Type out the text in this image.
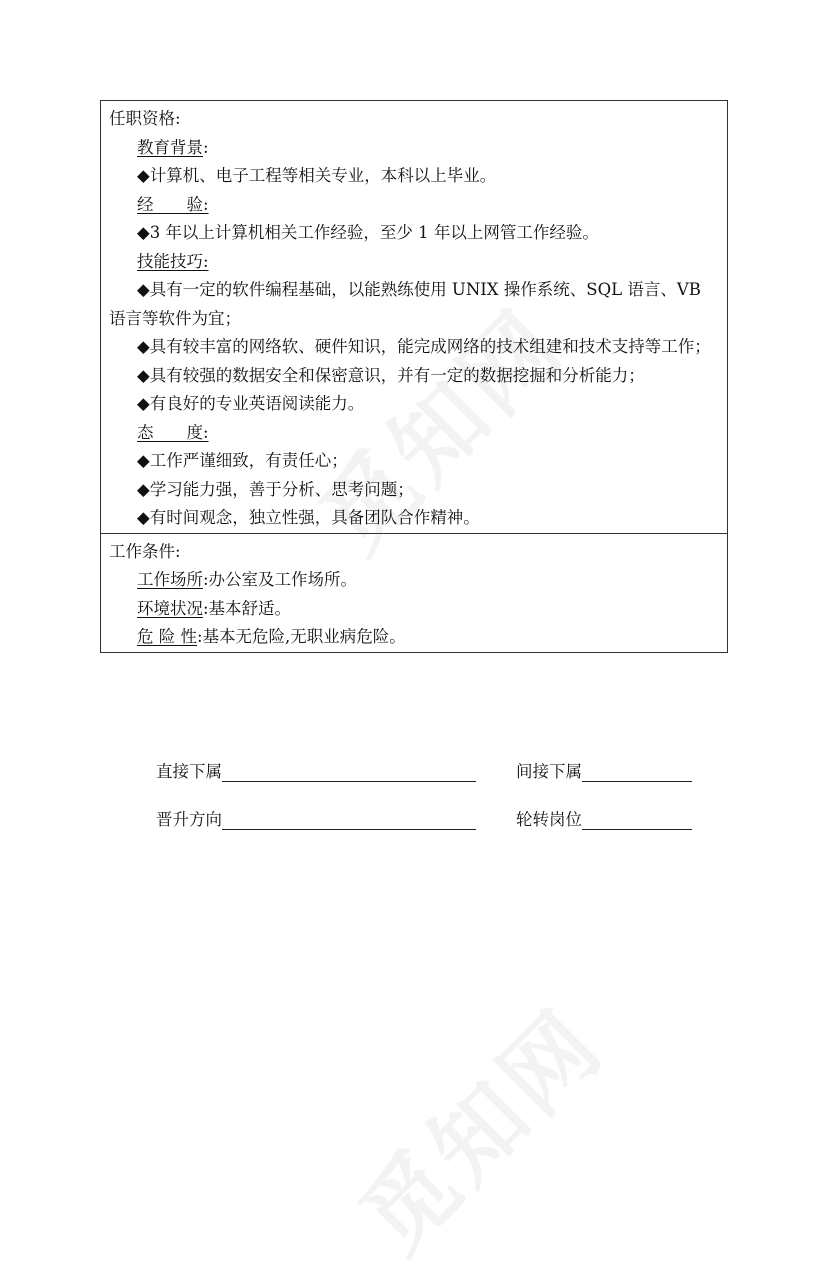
任职资格:
教育背景:
◆计算机、电子工程等相关专业，本科以上毕业。
经　　验:
◆3 年以上计算机相关工作经验，至少 1 年以上网管工作经验。
技能技巧:
◆具有一定的软件编程基础，以能熟练使用 UNIX 操作系统、SQL 语言、VB 语言等软件为宜；
◆具有较丰富的网络软、硬件知识，能完成网络的技术组建和技术支持等工作；
◆具有较强的数据安全和保密意识，并有一定的数据挖掘和分析能力；
◆有良好的专业英语阅读能力。
态　　度:
◆工作严谨细致，有责任心；
◆学习能力强，善于分析、思考问题；
◆有时间观念，独立性强，具备团队合作精神。

工作条件:
工作场所:办公室及工作场所。
环境状况:基本舒适。
危 险 性:基本无危险,无职业病危险。
直接下属	间接下属
晋升方向	轮转岗位
